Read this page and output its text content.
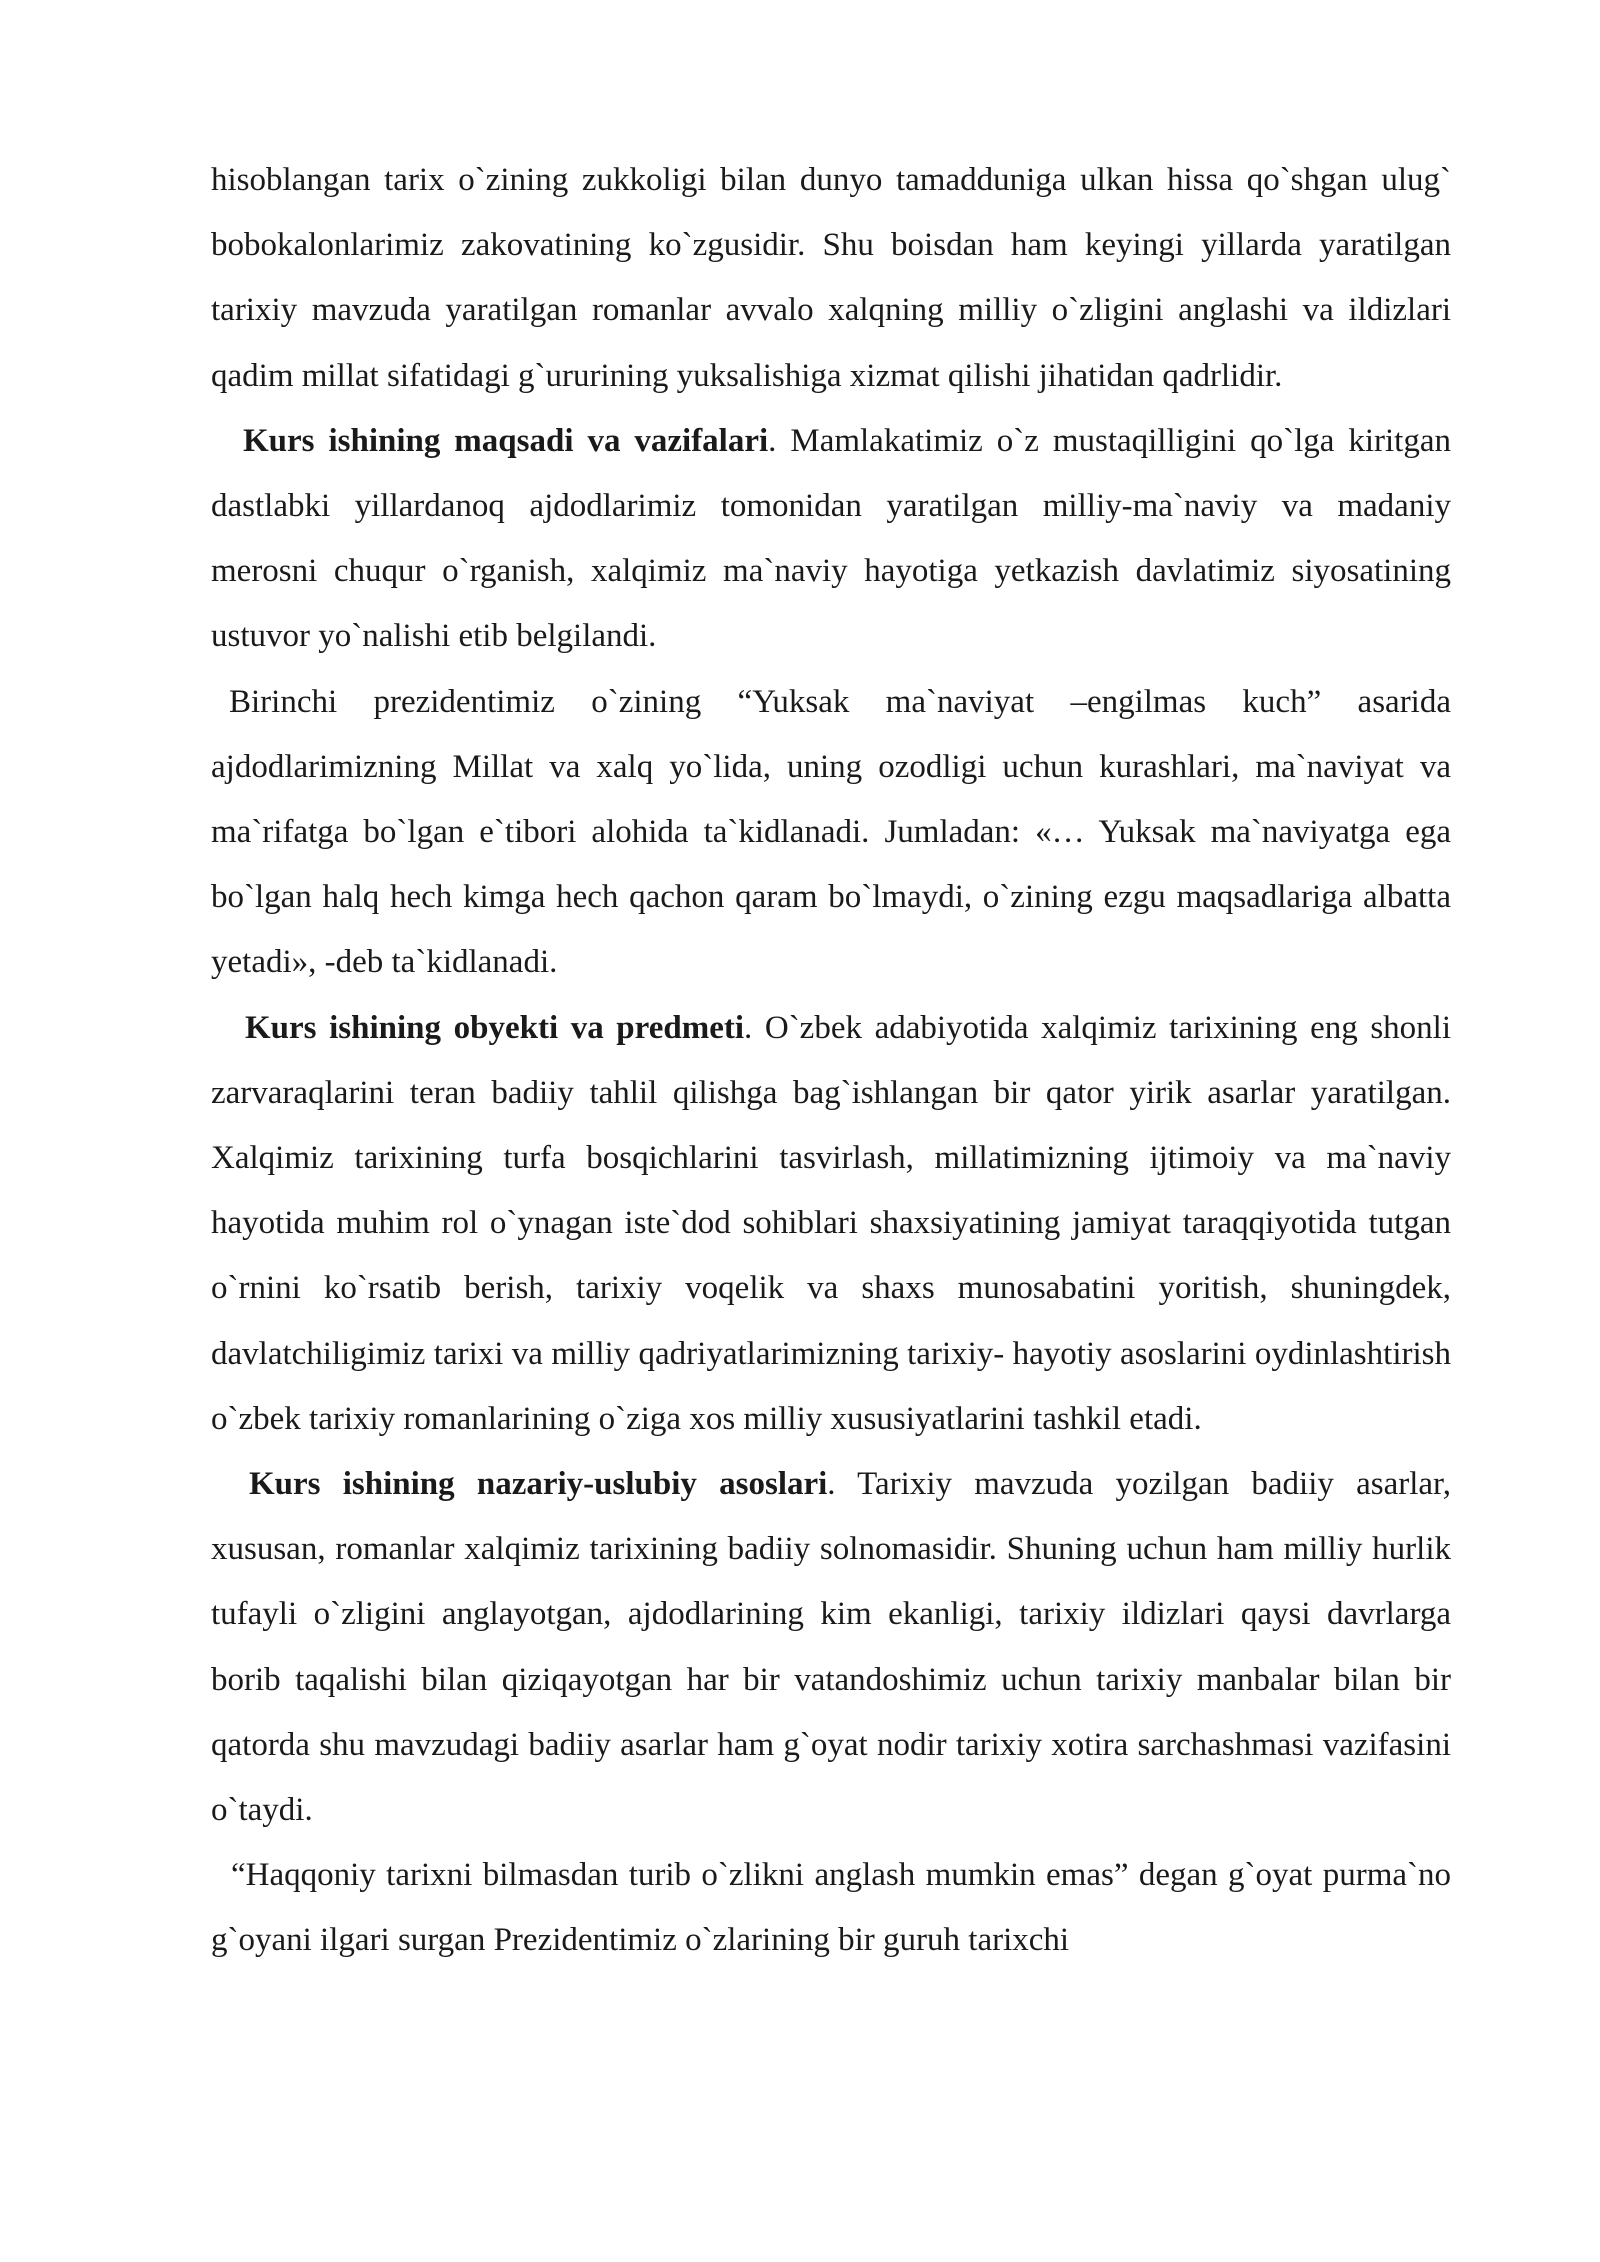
hisoblangan tarix o`zining zukkoligi bilan dunyo tamadduniga ulkan hissa qo`shgan ulug` bobokalonlarimiz zakovatining ko`zgusidir. Shu boisdan ham keyingi yillarda yaratilgan tarixiy mavzuda yaratilgan romanlar avvalo xalqning milliy o`zligini anglashi va ildizlari qadim millat sifatidagi g`ururining yuksalishiga xizmat qilishi jihatidan qadrlidir.

Kurs ishining maqsadi va vazifalari. Mamlakatimiz o`z mustaqilligini qo`lga kiritgan dastlabki yillardanoq ajdodlarimiz tomonidan yaratilgan milliy-ma`naviy va madaniy merosni chuqur o`rganish, xalqimiz ma`naviy hayotiga yetkazish davlatimiz siyosatining ustuvor yo`nalishi etib belgilandi.

Birinchi prezidentimiz o`zining “Yuksak ma`naviyat –engilmas kuch” asarida ajdodlarimizning Millat va xalq yo`lida, uning ozodligi uchun kurashlari, ma`naviyat va ma`rifatga bo`lgan e`tibori alohida ta`kidlanadi. Jumladan: «… Yuksak ma`naviyatga ega bo`lgan halq hech kimga hech qachon qaram bo`lmaydi, o`zining ezgu maqsadlariga albatta yetadi», -deb ta`kidlanadi.

Kurs ishining obyekti va predmeti. O`zbek adabiyotida xalqimiz tarixining eng shonli zarvaraqlarini teran badiiy tahlil qilishga bag`ishlangan bir qator yirik asarlar yaratilgan. Xalqimiz tarixining turfa bosqichlarini tasvirlash, millatimizning ijtimoiy va ma`naviy hayotida muhim rol o`ynagan iste`dod sohiblari shaxsiyatining jamiyat taraqqiyotida tutgan o`rnini ko`rsatib berish, tarixiy voqelik va shaxs munosabatini yoritish, shuningdek, davlatchiligimiz tarixi va milliy qadriyatlarimizning tarixiy- hayotiy asoslarini oydinlashtirish o`zbek tarixiy romanlarining o`ziga xos milliy xususiyatlarini tashkil etadi.

Kurs ishining nazariy-uslubiy asoslari. Tarixiy mavzuda yozilgan badiiy asarlar, xususan, romanlar xalqimiz tarixining badiiy solnomasidir. Shuning uchun ham milliy hurlik tufayli o`zligini anglayotgan, ajdodlarining kim ekanligi, tarixiy ildizlari qaysi davrlarga borib taqalishi bilan qiziqayotgan har bir vatandoshimiz uchun tarixiy manbalar bilan bir qatorda shu mavzudagi badiiy asarlar ham g`oyat nodir tarixiy xotira sarchashmasi vazifasini o`taydi.

“Haqqoniy tarixni bilmasdan turib o`zlikni anglash mumkin emas” degan g`oyat purma`no g`oyani ilgari surgan Prezidentimiz o`zlarining bir guruh tarixchi
